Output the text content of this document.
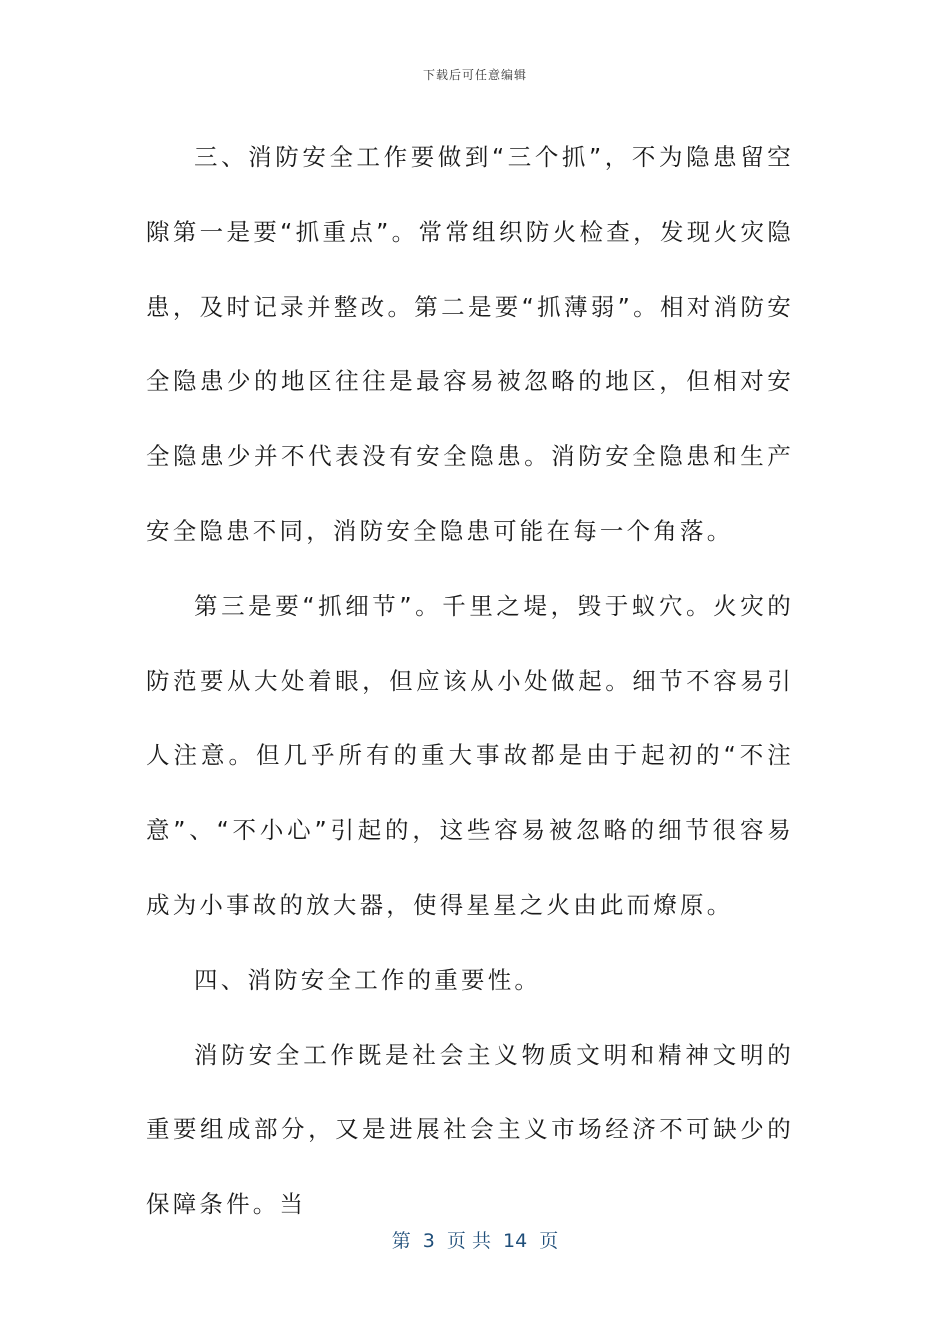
下载后可任意编辑

三、消防安全工作要做到“三个抓”，不为隐患留空隙第一是要“抓重点”。常常组织防火检查，发现火灾隐患，及时记录并整改。第二是要“抓薄弱”。相对消防安全隐患少的地区往往是最容易被忽略的地区，但相对安全隐患少并不代表没有安全隐患。消防安全隐患和生产安全隐患不同，消防安全隐患可能在每一个角落。

第三是要“抓细节”。千里之堤，毁于蚁穴。火灾的防范要从大处着眼，但应该从小处做起。细节不容易引人注意。但几乎所有的重大事故都是由于起初的“不注意”、“不小心”引起的，这些容易被忽略的细节很容易成为小事故的放大器，使得星星之火由此而燎原。

四、消防安全工作的重要性。

消防安全工作既是社会主义物质文明和精神文明的重要组成部分，又是进展社会主义市场经济不可缺少的保障条件。当

第  3  页 共  14  页
